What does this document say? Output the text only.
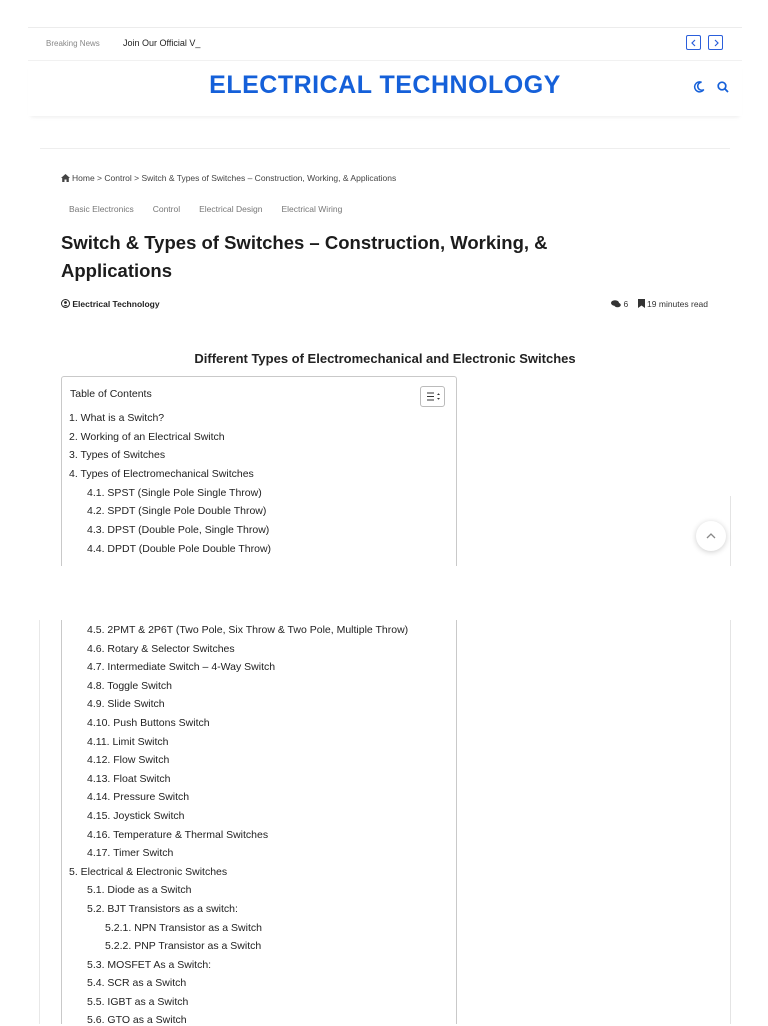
Breaking News	Join Our Official V_
ELECTRICAL TECHNOLOGY
Home > Control > Switch & Types of Switches – Construction, Working, & Applications
Basic Electronics	Control	Electrical Design	Electrical Wiring
Switch & Types of Switches – Construction, Working, & Applications
Electrical Technology	6 19 minutes read
Different Types of Electromechanical and Electronic Switches
Table of Contents
1. What is a Switch?
2. Working of an Electrical Switch
3. Types of Switches
4. Types of Electromechanical Switches
4.1. SPST (Single Pole Single Throw)
4.2. SPDT (Single Pole Double Throw)
4.3. DPST (Double Pole, Single Throw)
4.4. DPDT (Double Pole Double Throw)
4.5. 2PMT & 2P6T (Two Pole, Six Throw & Two Pole, Multiple Throw)
4.6. Rotary & Selector Switches
4.7. Intermediate Switch – 4-Way Switch
4.8. Toggle Switch
4.9. Slide Switch
4.10. Push Buttons Switch
4.11. Limit Switch
4.12. Flow Switch
4.13. Float Switch
4.14. Pressure Switch
4.15. Joystick Switch
4.16. Temperature & Thermal Switches
4.17. Timer Switch
5. Electrical & Electronic Switches
5.1. Diode as a Switch
5.2. BJT Transistors as a switch:
5.2.1. NPN Transistor as a Switch
5.2.2. PNP Transistor as a Switch
5.3. MOSFET As a Switch:
5.4. SCR as a Switch
5.5. IGBT as a Switch
5.6. GTO as a Switch
